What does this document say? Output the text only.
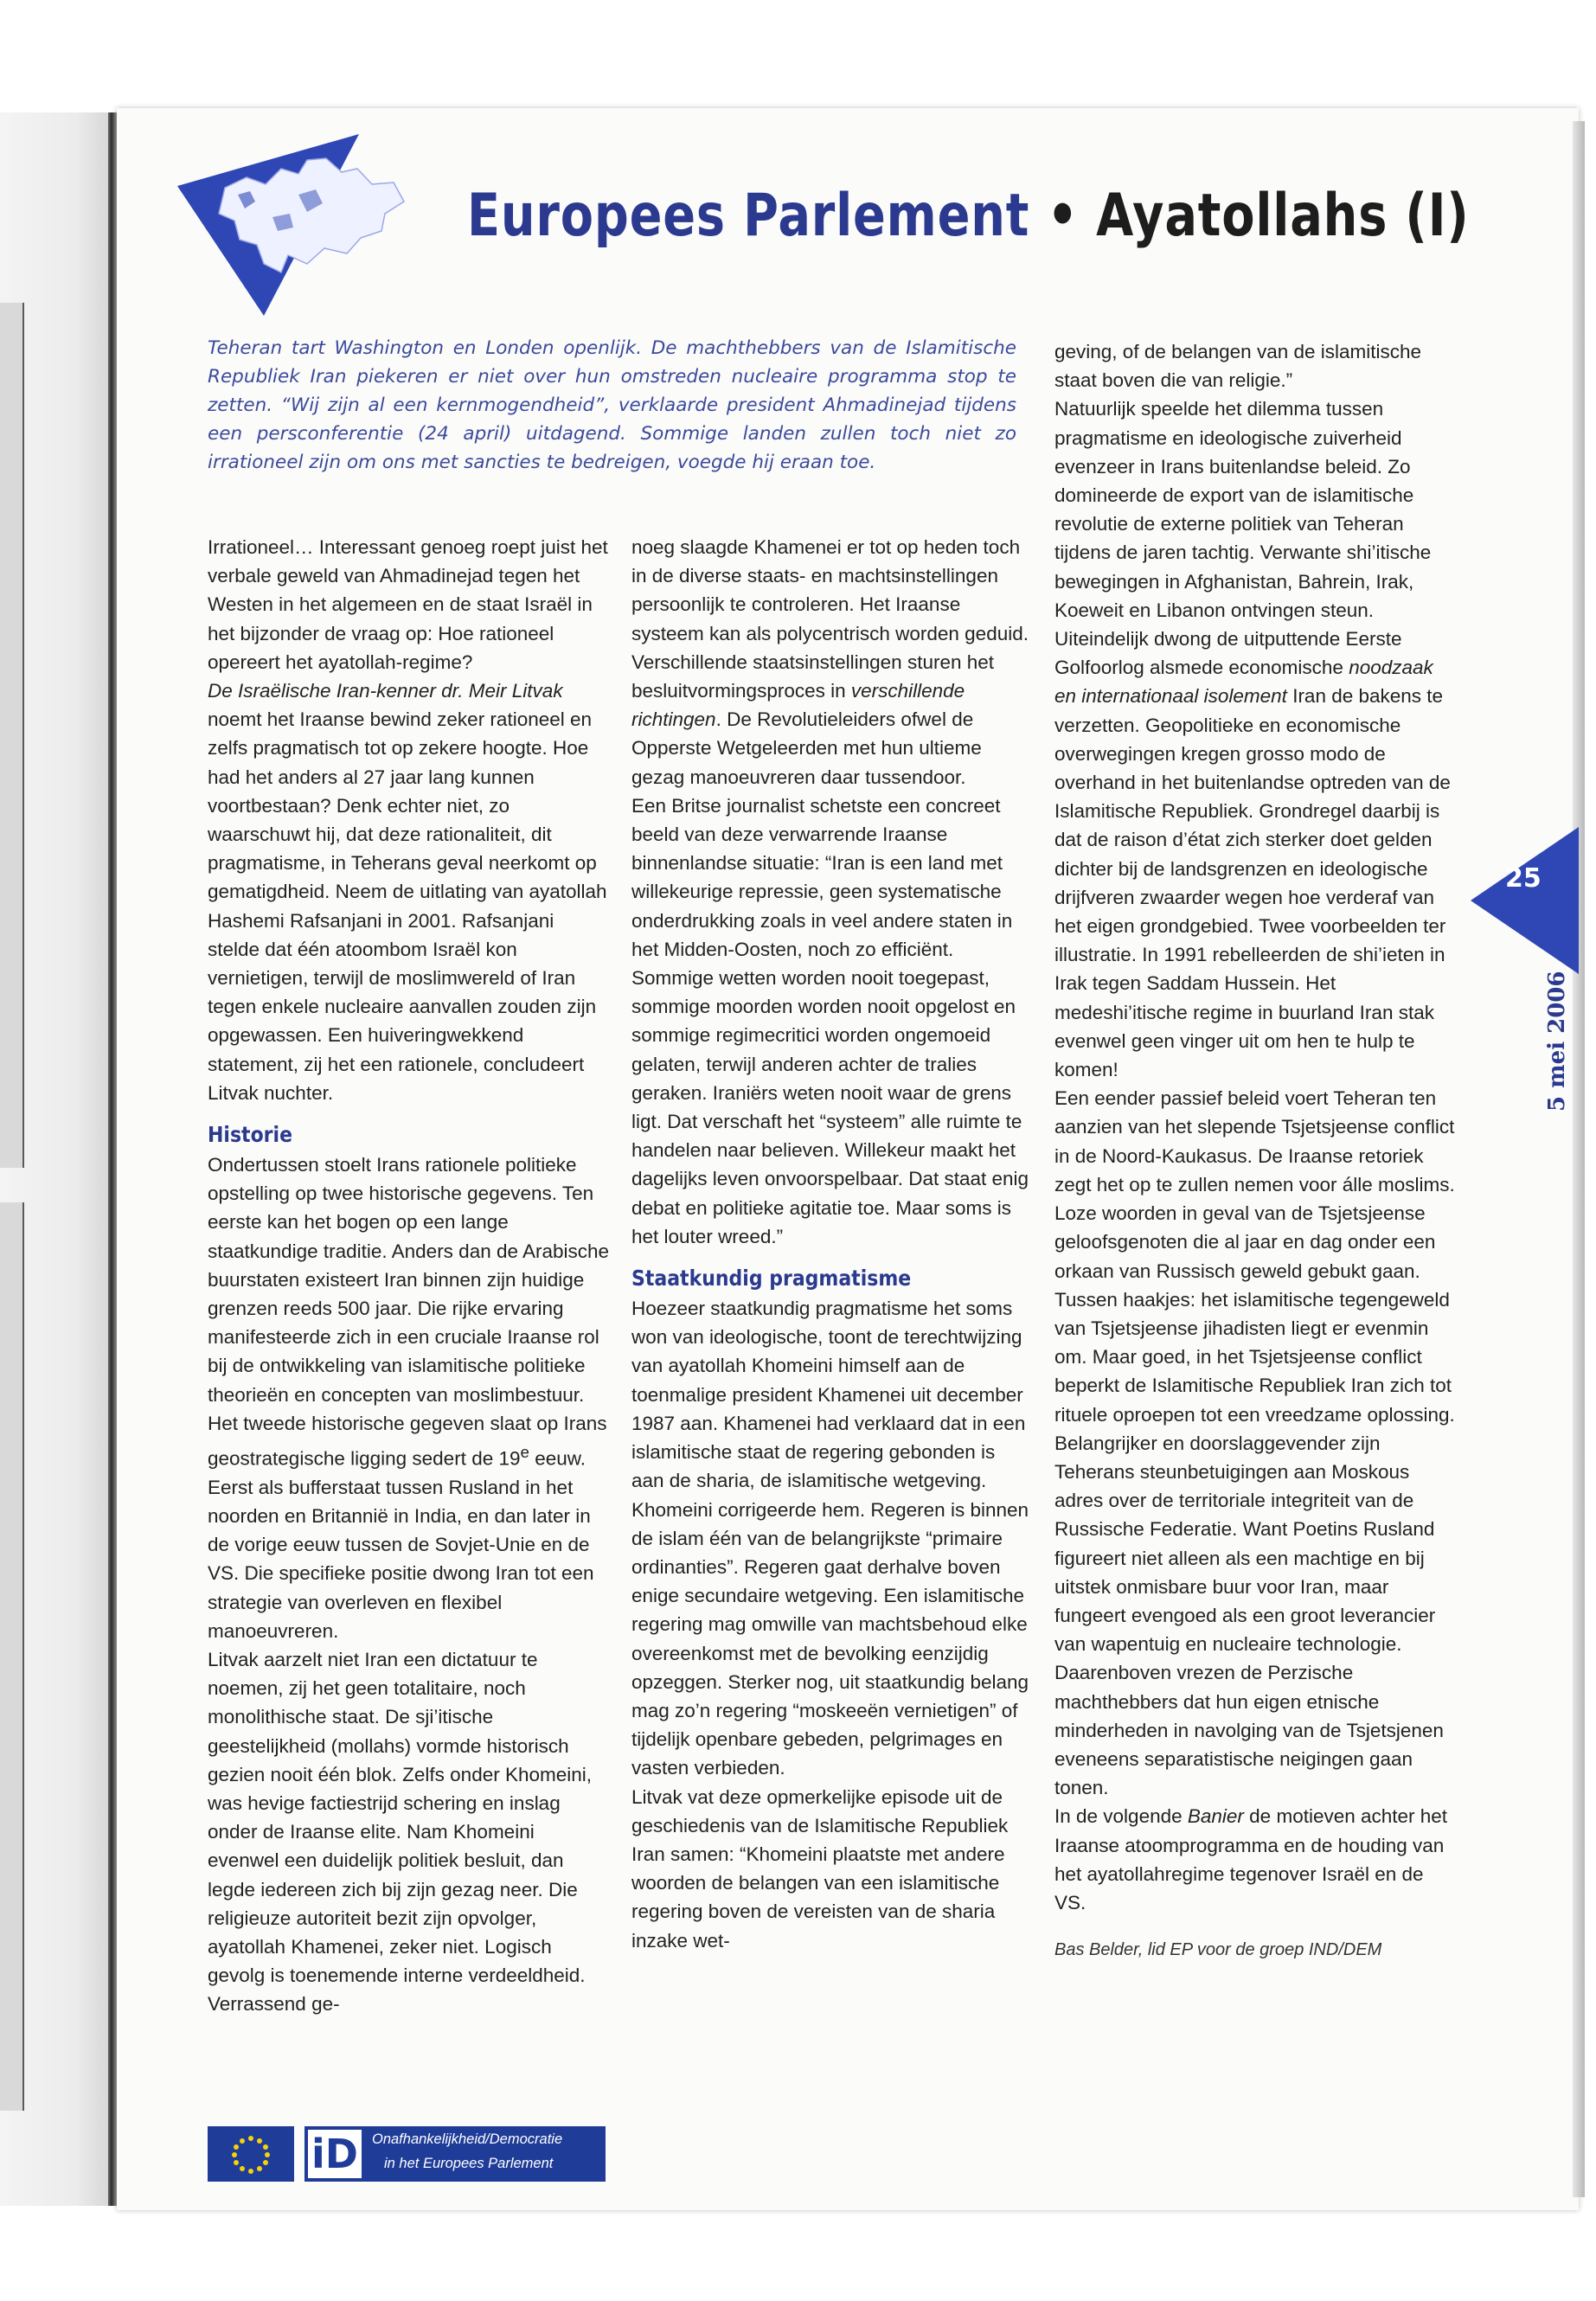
Europees Parlement • Ayatollahs (I)

Teheran tart Washington en Londen openlijk. De machthebbers van de Islamitische Republiek Iran piekeren er niet over hun omstreden nucleaire programma stop te zetten. “Wij zijn al een kernmogendheid”, verklaarde president Ahmadinejad tijdens een persconferentie (24 april) uitdagend. Sommige landen zullen toch niet zo irrationeel zijn om ons met sancties te bedreigen, voegde hij eraan toe.

Irrationeel… Interessant genoeg roept juist het verbale geweld van Ahmadinejad tegen het Westen in het algemeen en de staat Israël in het bijzonder de vraag op: Hoe rationeel opereert het ayatollah-regime?

De Israëlische Iran-kenner dr. Meir Litvak noemt het Iraanse bewind zeker rationeel en zelfs pragmatisch tot op zekere hoogte. Hoe had het anders al 27 jaar lang kunnen voortbestaan? Denk echter niet, zo waarschuwt hij, dat deze rationaliteit, dit pragmatisme, in Teherans geval neerkomt op gematigdheid. Neem de uitlating van ayatollah Hashemi Rafsanjani in 2001. Rafsanjani stelde dat één atoombom Israël kon vernietigen, terwijl de moslimwereld of Iran tegen enkele nucleaire aanvallen zouden zijn opgewassen. Een huiveringwekkend statement, zij het een rationele, concludeert Litvak nuchter.

Historie

Ondertussen stoelt Irans rationele politieke opstelling op twee historische gegevens. Ten eerste kan het bogen op een lange staatkundige traditie. Anders dan de Arabische buurstaten existeert Iran binnen zijn huidige grenzen reeds 500 jaar. Die rijke ervaring manifesteerde zich in een cruciale Iraanse rol bij de ontwikkeling van islamitische politieke theorieën en concepten van moslimbestuur.

Het tweede historische gegeven slaat op Irans geostrategische ligging sedert de 19e eeuw. Eerst als bufferstaat tussen Rusland in het noorden en Britannië in India, en dan later in de vorige eeuw tussen de Sovjet-Unie en de VS. Die specifieke positie dwong Iran tot een strategie van overleven en flexibel manoeuvreren.

Litvak aarzelt niet Iran een dictatuur te noemen, zij het geen totalitaire, noch monolithische staat. De sji’itische geestelijkheid (mollahs) vormde historisch gezien nooit één blok. Zelfs onder Khomeini, was hevige factiestrijd schering en inslag onder de Iraanse elite. Nam Khomeini evenwel een duidelijk politiek besluit, dan legde iedereen zich bij zijn gezag neer. Die religieuze autoriteit bezit zijn opvolger, ayatollah Khamenei, zeker niet. Logisch gevolg is toenemende interne verdeeldheid. Verrassend ge-

noeg slaagde Khamenei er tot op heden toch in de diverse staats- en machtsinstellingen persoonlijk te controleren. Het Iraanse systeem kan als polycentrisch worden geduid. Verschillende staatsinstellingen sturen het besluitvormingsproces in verschillende richtingen. De Revolutieleiders ofwel de Opperste Wetgeleerden met hun ultieme gezag manoeuvreren daar tussendoor.

Een Britse journalist schetste een concreet beeld van deze verwarrende Iraanse binnenlandse situatie: “Iran is een land met willekeurige repressie, geen systematische onderdrukking zoals in veel andere staten in het Midden-Oosten, noch zo efficiënt. Sommige wetten worden nooit toegepast, sommige moorden worden nooit opgelost en sommige regimecritici worden ongemoeid gelaten, terwijl anderen achter de tralies geraken. Iraniërs weten nooit waar de grens ligt. Dat verschaft het “systeem” alle ruimte te handelen naar believen. Willekeur maakt het dagelijks leven onvoorspelbaar. Dat staat enig debat en politieke agitatie toe. Maar soms is het louter wreed.”

Staatkundig pragmatisme

Hoezeer staatkundig pragmatisme het soms won van ideologische, toont de terechtwijzing van ayatollah Khomeini himself aan de toenmalige president Khamenei uit december 1987 aan. Khamenei had verklaard dat in een islamitische staat de regering gebonden is aan de sharia, de islamitische wetgeving. Khomeini corrigeerde hem. Regeren is binnen de islam één van de belangrijkste “primaire ordinanties”. Regeren gaat derhalve boven enige secundaire wetgeving. Een islamitische regering mag omwille van machtsbehoud elke overeenkomst met de bevolking eenzijdig opzeggen. Sterker nog, uit staatkundig belang mag zo’n regering “moskeeën vernietigen” of tijdelijk openbare gebeden, pelgrimages en vasten verbieden.

Litvak vat deze opmerkelijke episode uit de geschiedenis van de Islamitische Republiek Iran samen: “Khomeini plaatste met andere woorden de belangen van een islamitische regering boven de vereisten van de sharia inzake wet-

geving, of de belangen van de islamitische staat boven die van religie.”

Natuurlijk speelde het dilemma tussen pragmatisme en ideologische zuiverheid evenzeer in Irans buitenlandse beleid. Zo domineerde de export van de islamitische revolutie de externe politiek van Teheran tijdens de jaren tachtig. Verwante shi’itische bewegingen in Afghanistan, Bahrein, Irak, Koeweit en Libanon ontvingen steun.

Uiteindelijk dwong de uitputtende Eerste Golfoorlog alsmede economische noodzaak en internationaal isolement Iran de bakens te verzetten. Geopolitieke en economische overwegingen kregen grosso modo de overhand in het buitenlandse optreden van de Islamitische Republiek. Grondregel daarbij is dat de raison d’état zich sterker doet gelden dichter bij de landsgrenzen en ideologische drijfveren zwaarder wegen hoe verderaf van het eigen grondgebied. Twee voorbeelden ter illustratie. In 1991 rebelleerden de shi’ieten in Irak tegen Saddam Hussein. Het medeshi’itische regime in buurland Iran stak evenwel geen vinger uit om hen te hulp te komen!

Een eender passief beleid voert Teheran ten aanzien van het slepende Tsjetsjeense conflict in de Noord-Kaukasus. De Iraanse retoriek zegt het op te zullen nemen voor álle moslims. Loze woorden in geval van de Tsjetsjeense geloofsgenoten die al jaar en dag onder een orkaan van Russisch geweld gebukt gaan. Tussen haakjes: het islamitische tegengeweld van Tsjetsjeense jihadisten liegt er evenmin om. Maar goed, in het Tsjetsjeense conflict beperkt de Islamitische Republiek Iran zich tot rituele oproepen tot een vreedzame oplossing.

Belangrijker en doorslaggevender zijn Teherans steunbetuigingen aan Moskous adres over de territoriale integriteit van de Russische Federatie. Want Poetins Rusland figureert niet alleen als een machtige en bij uitstek onmisbare buur voor Iran, maar fungeert evengoed als een groot leverancier van wapentuig en nucleaire technologie. Daarenboven vrezen de Perzische machthebbers dat hun eigen etnische minderheden in navolging van de Tsjetsjenen eveneens separatistische neigingen gaan tonen.

In de volgende Banier de motieven achter het Iraanse atoomprogramma en de houding van het ayatollahregime tegenover Israël en de VS.

Bas Belder, lid EP voor de groep IND/DEM

25
5 mei 2006
iD Onafhankelijkheid/Democratie
in het Europees Parlement
